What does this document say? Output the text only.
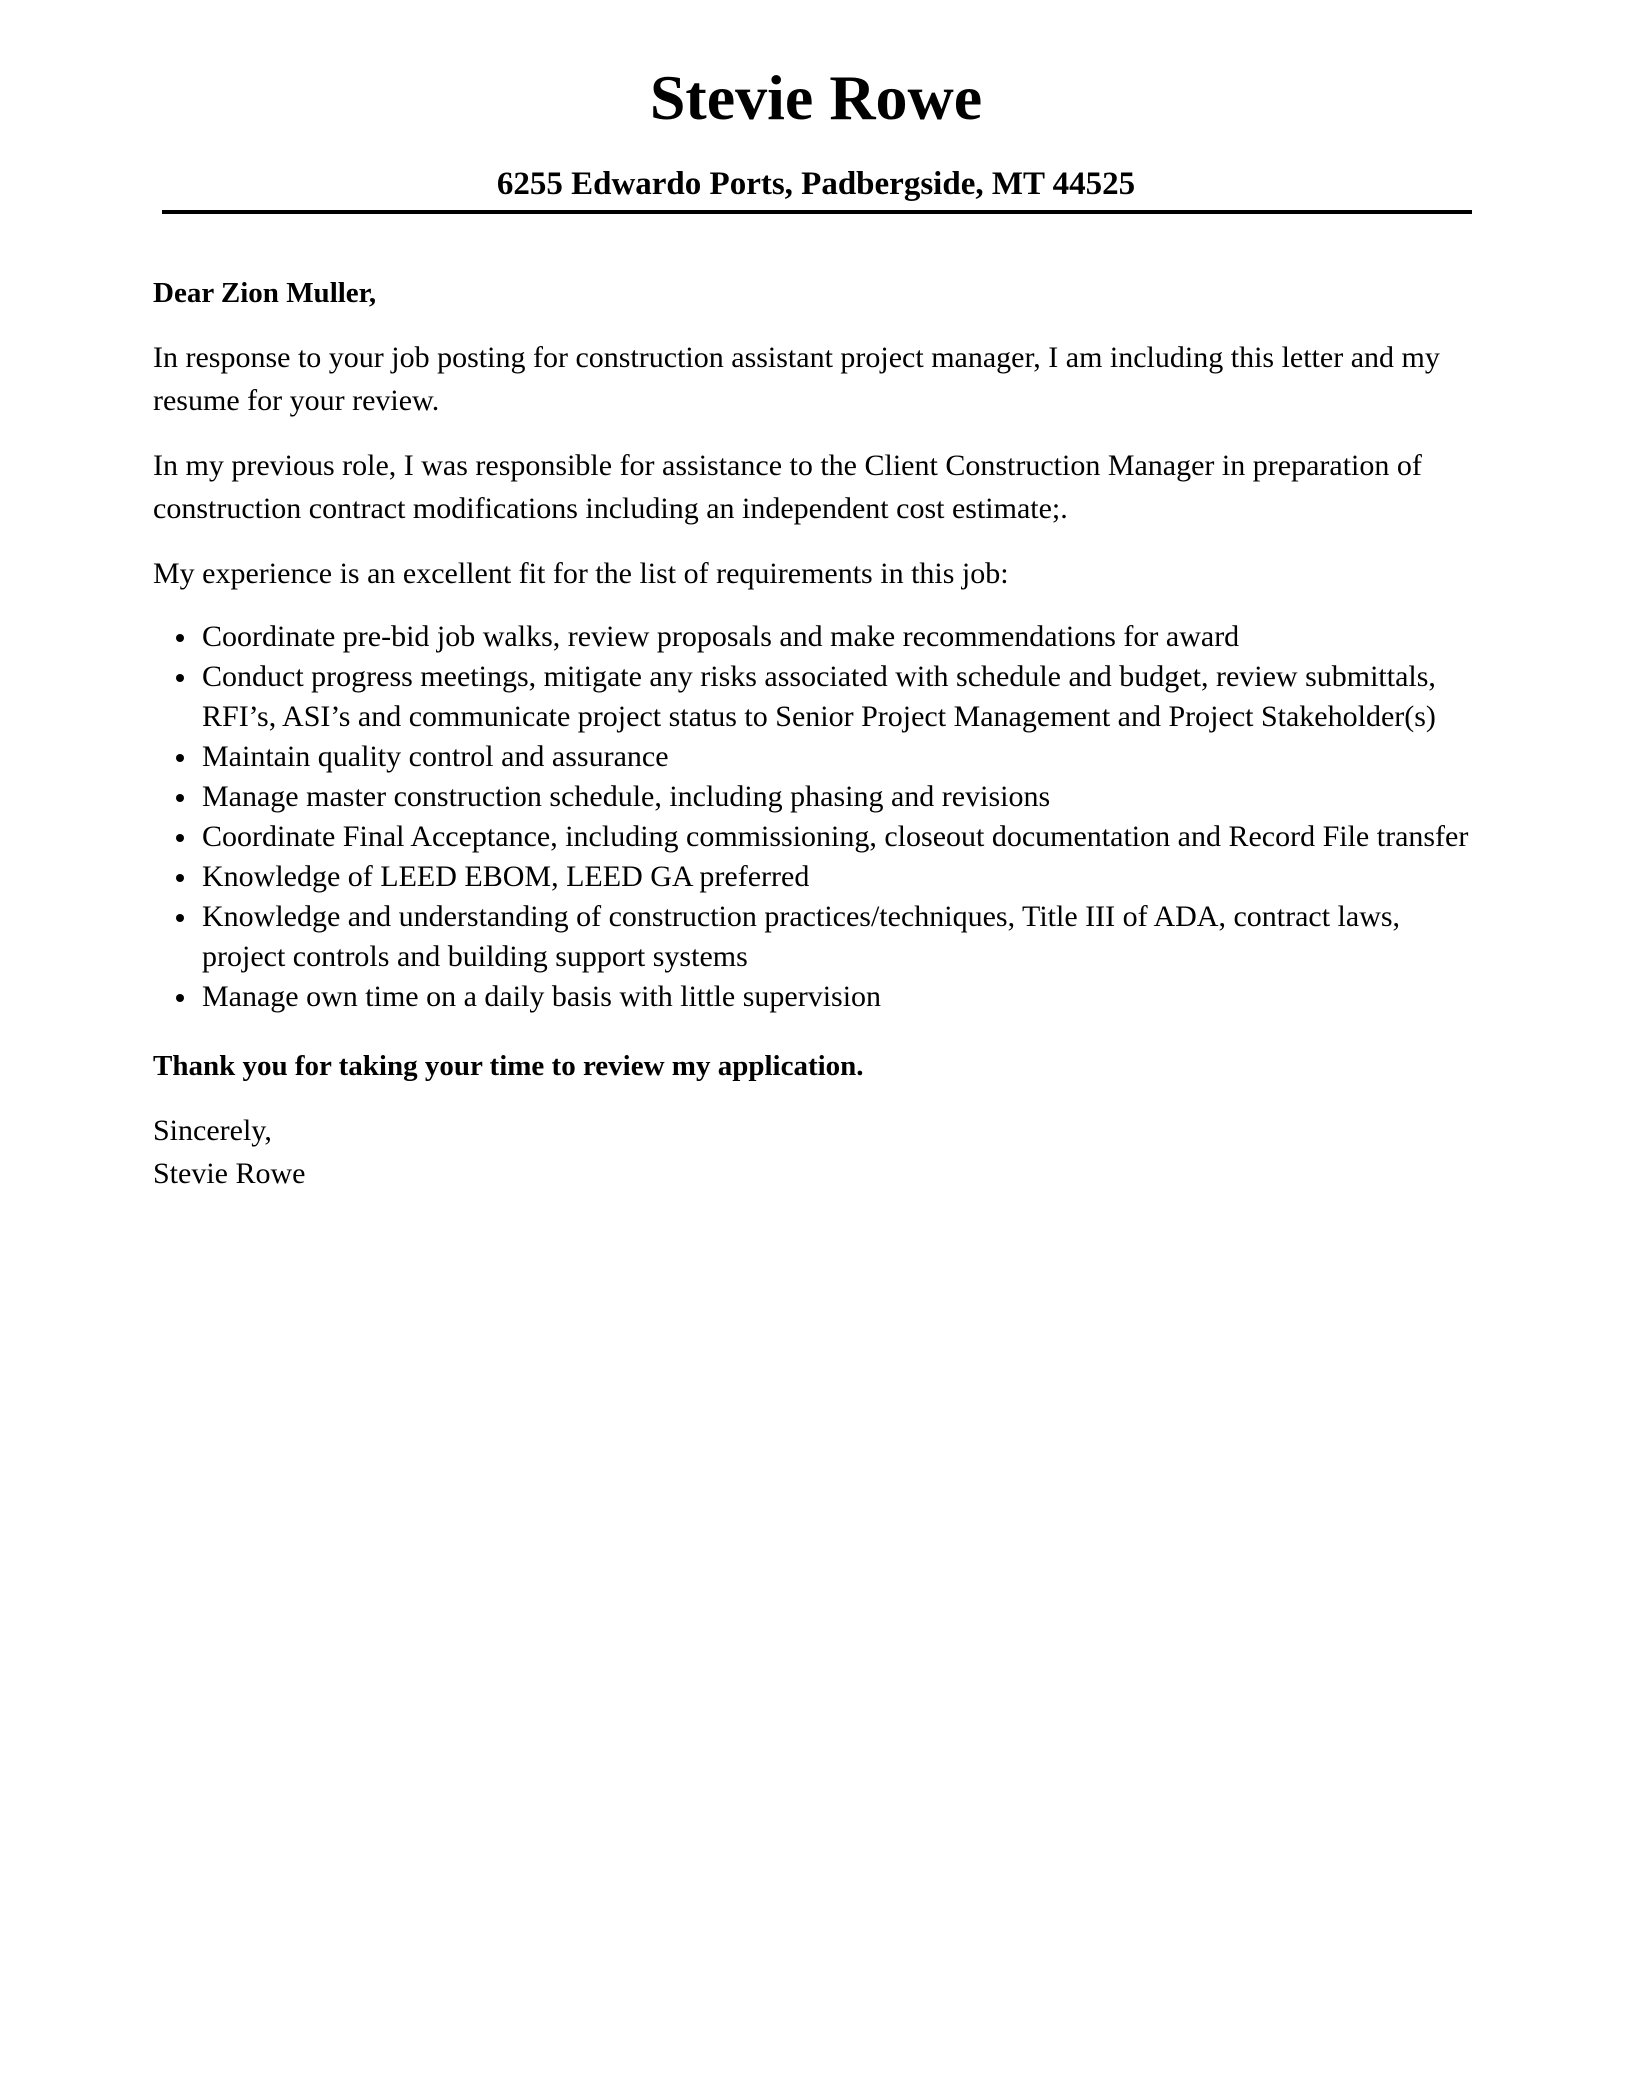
Stevie Rowe
6255 Edwardo Ports, Padbergside, MT 44525

Dear Zion Muller,

In response to your job posting for construction assistant project manager, I am including this letter and my resume for your review.

In my previous role, I was responsible for assistance to the Client Construction Manager in preparation of construction contract modifications including an independent cost estimate;.

My experience is an excellent fit for the list of requirements in this job:

Coordinate pre-bid job walks, review proposals and make recommendations for award
Conduct progress meetings, mitigate any risks associated with schedule and budget, review submittals, RFI’s, ASI’s and communicate project status to Senior Project Management and Project Stakeholder(s)
Maintain quality control and assurance
Manage master construction schedule, including phasing and revisions
Coordinate Final Acceptance, including commissioning, closeout documentation and Record File transfer
Knowledge of LEED EBOM, LEED GA preferred
Knowledge and understanding of construction practices/techniques, Title III of ADA, contract laws, project controls and building support systems
Manage own time on a daily basis with little supervision

Thank you for taking your time to review my application.

Sincerely,

Stevie Rowe
